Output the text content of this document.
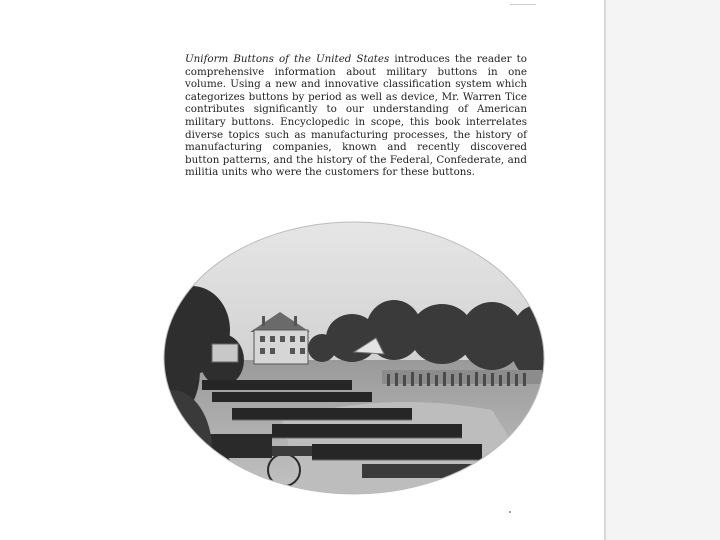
Uniform Buttons of the United States introduces the reader to comprehensive information about military buttons in one volume. Using a new and innovative classification system which categorizes buttons by period as well as device, Mr. Warren Tice contributes significantly to our understanding of American military buttons. Encyclopedic in scope, this book interrelates diverse topics such as manufacturing processes, the history of manufacturing companies, known and recently discovered button patterns, and the history of the Federal, Confederate, and militia units who were the customers for these buttons.
